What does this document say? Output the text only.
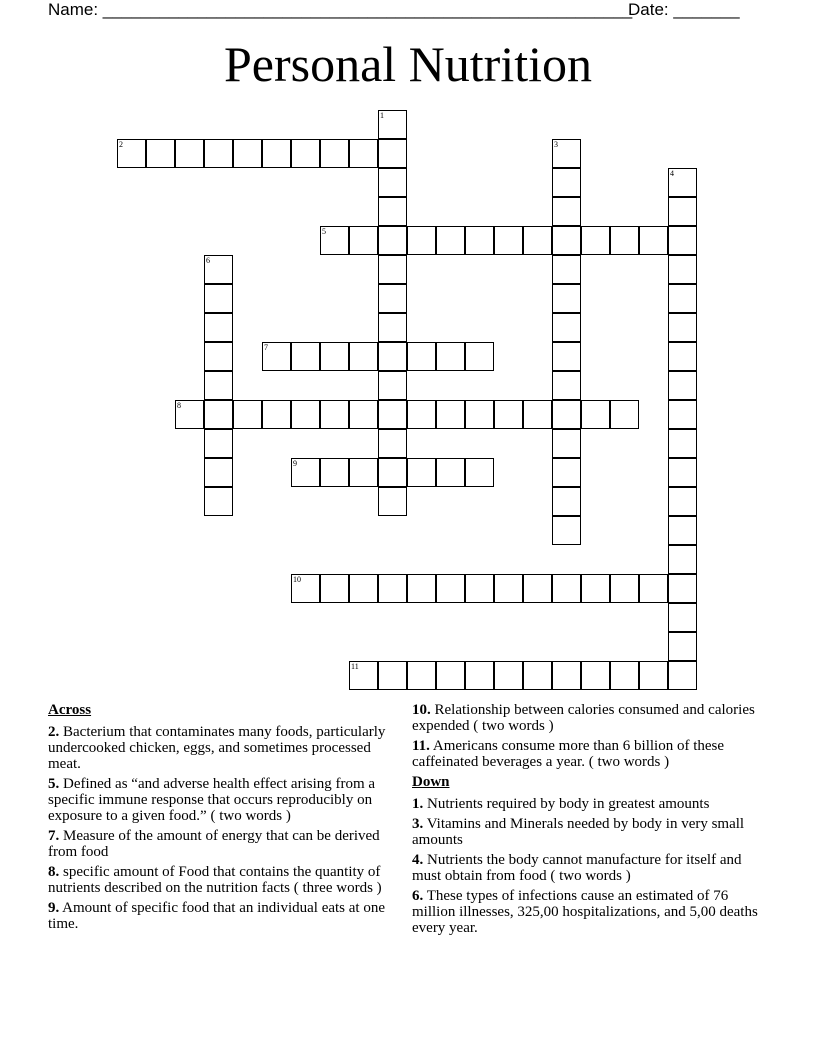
Name: ________________________________________________________
Date: _______
Personal Nutrition
1
2	3
4
5
6
7
8
9
10
11
Across
2. Bacterium that contaminates many foods, particularly undercooked chicken, eggs, and sometimes processed meat.
5. Defined as “and adverse health effect arising from a specific immune response that occurs reproducibly on exposure to a given food.” ( two words )
7. Measure of the amount of energy that can be derived from food
8. specific amount of Food that contains the quantity of nutrients described on the nutrition facts ( three words )
9. Amount of specific food that an individual eats at one time.
10. Relationship between calories consumed and calories expended ( two words )
11. Americans consume more than 6 billion of these caffeinated beverages a year. ( two words )
Down
1. Nutrients required by body in greatest amounts
3. Vitamins and Minerals needed by body in very small amounts
4. Nutrients the body cannot manufacture for itself and must obtain from food ( two words )
6. These types of infections cause an estimated of 76 million illnesses, 325,00 hospitalizations, and 5,00 deaths every year.
